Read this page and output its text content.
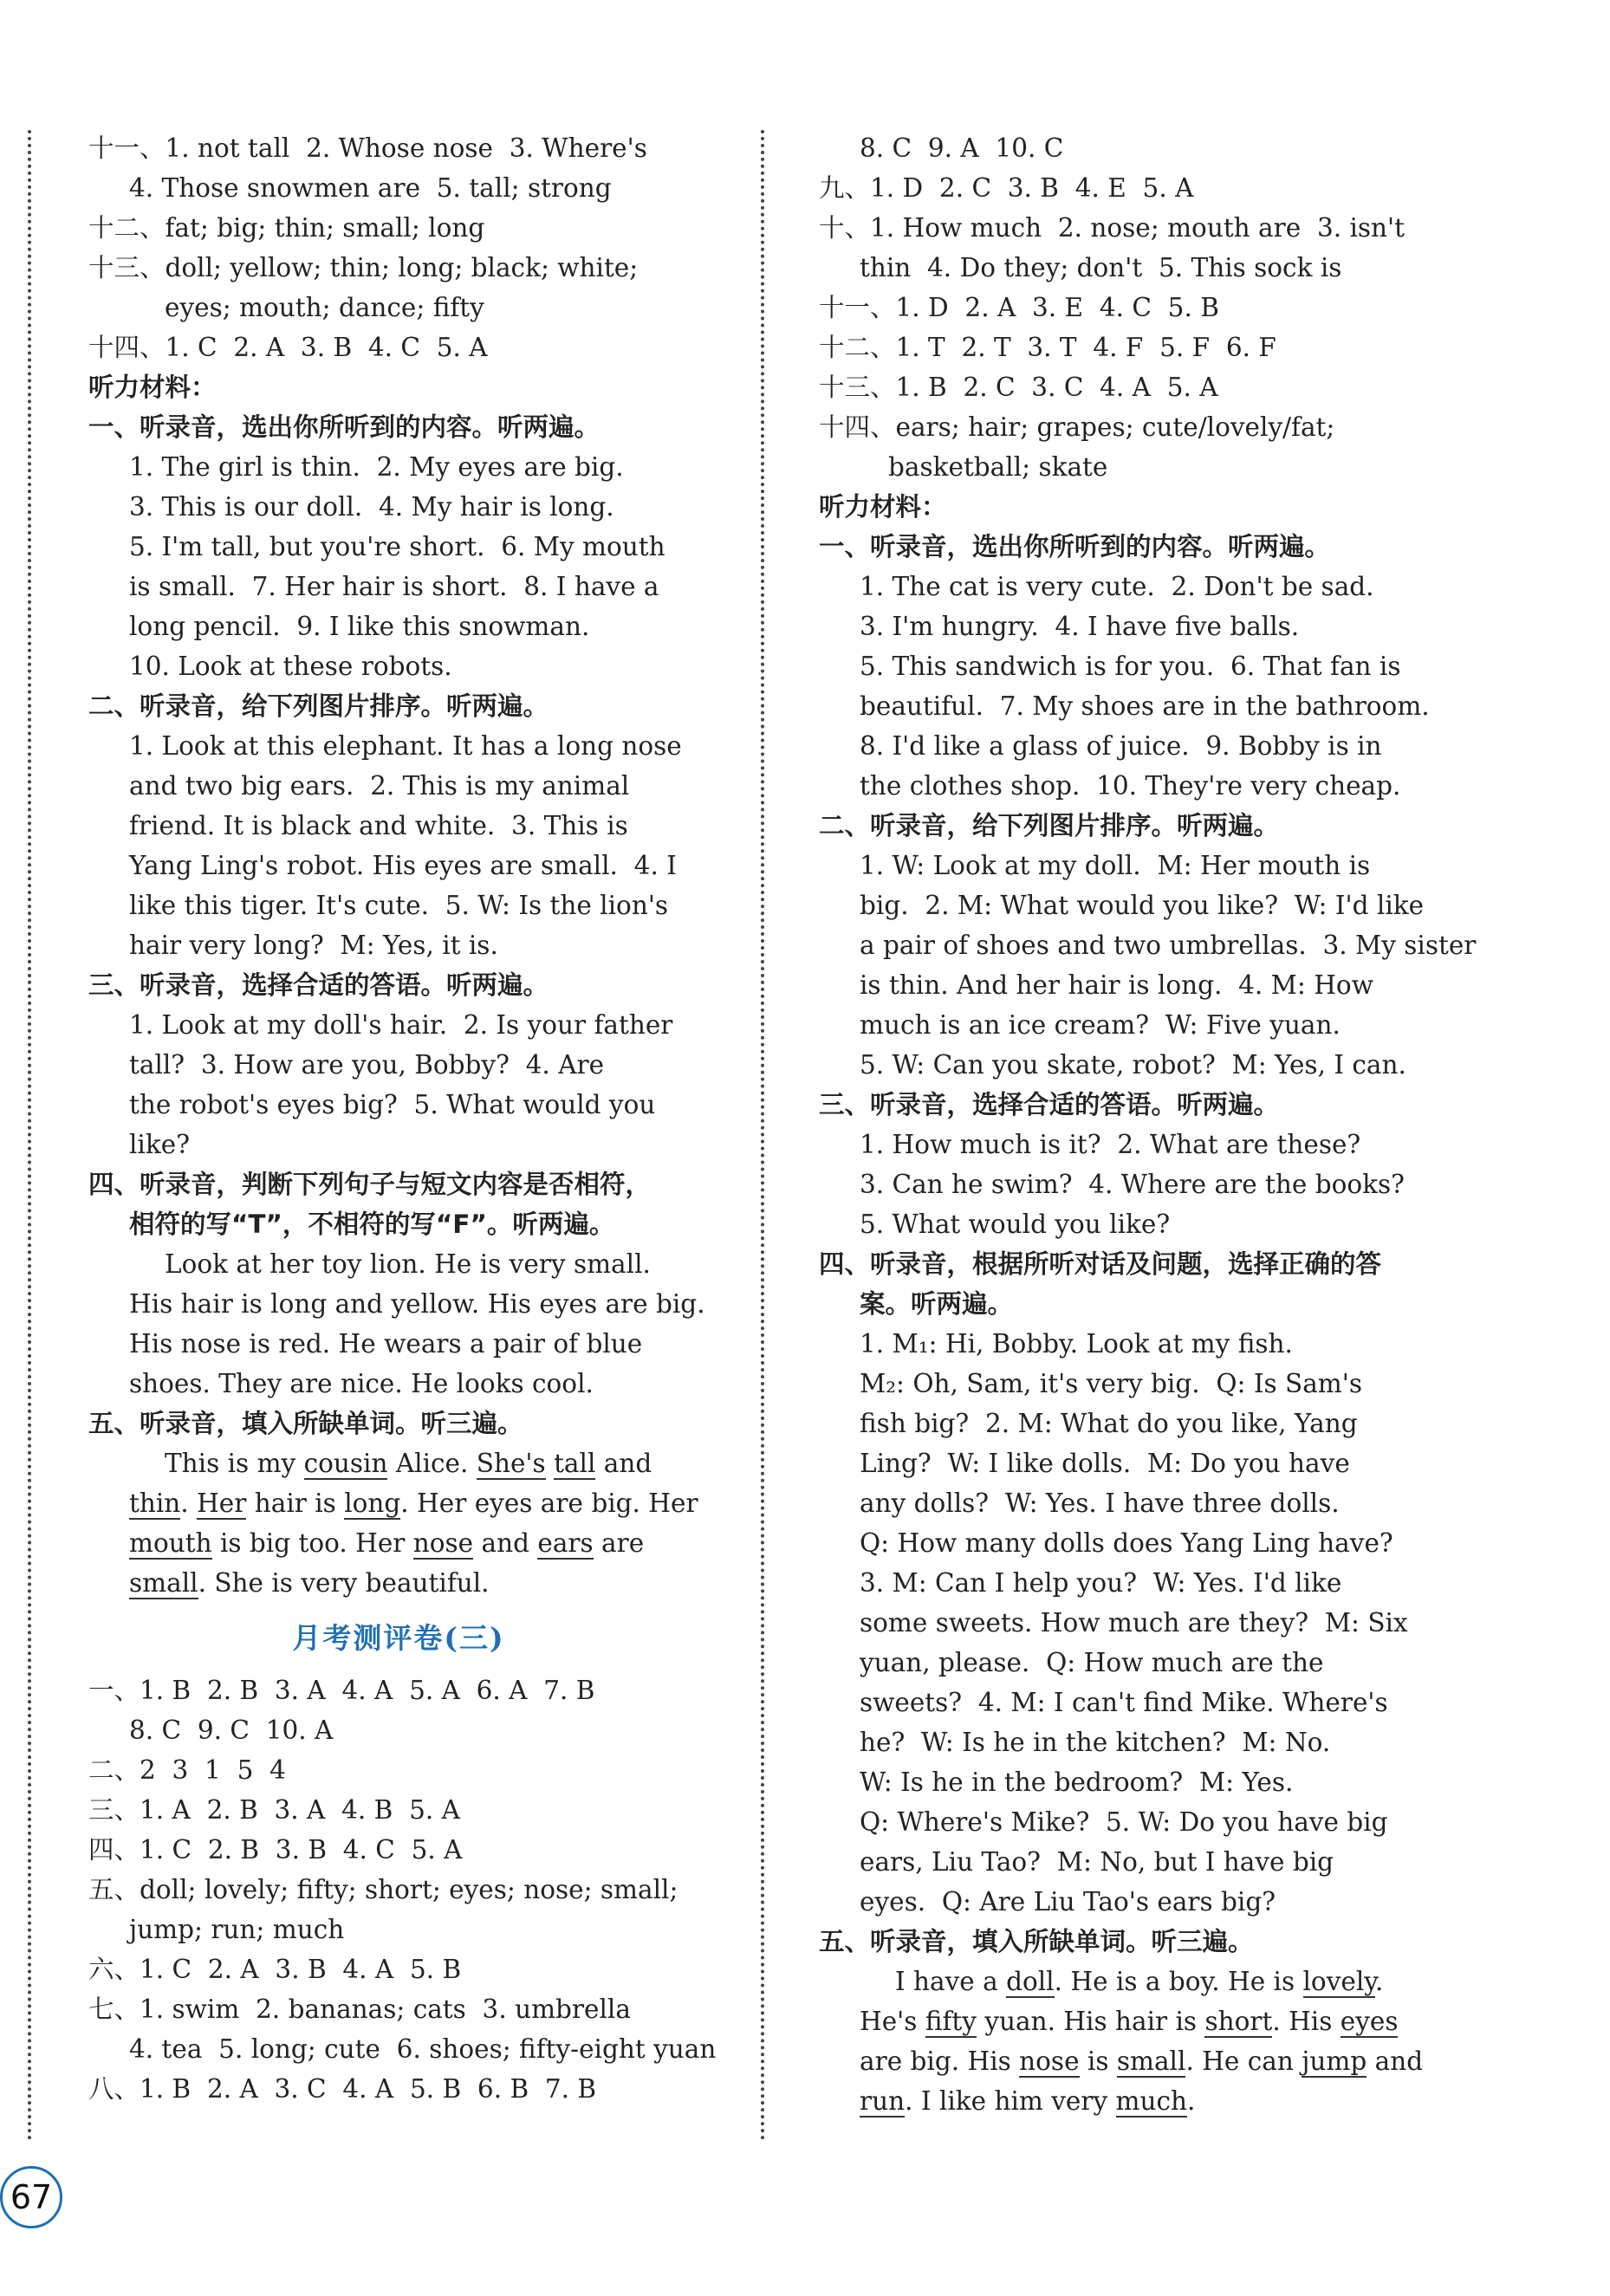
十一、1. not tall  2. Whose nose  3. Where's
4. Those snowmen are  5. tall; strong
十二、fat; big; thin; small; long
十三、doll; yellow; thin; long; black; white;
eyes; mouth; dance; fifty
十四、1. C  2. A  3. B  4. C  5. A
听力材料：
一、听录音，选出你所听到的内容。听两遍。
1. The girl is thin.  2. My eyes are big.
3. This is our doll.  4. My hair is long.
5. I'm tall, but you're short.  6. My mouth
is small.  7. Her hair is short.  8. I have a
long pencil.  9. I like this snowman.
10. Look at these robots.
二、听录音，给下列图片排序。听两遍。
1. Look at this elephant. It has a long nose
and two big ears.  2. This is my animal
friend. It is black and white.  3. This is
Yang Ling's robot. His eyes are small.  4. I
like this tiger. It's cute.  5. W: Is the lion's
hair very long?  M: Yes, it is.
三、听录音，选择合适的答语。听两遍。
1. Look at my doll's hair.  2. Is your father
tall?  3. How are you, Bobby?  4. Are
the robot's eyes big?  5. What would you
like?
四、听录音，判断下列句子与短文内容是否相符，
相符的写“T”，不相符的写“F”。听两遍。
Look at her toy lion. He is very small.
His hair is long and yellow. His eyes are big.
His nose is red. He wears a pair of blue
shoes. They are nice. He looks cool.
五、听录音，填入所缺单词。听三遍。
This is my cousin Alice. She's tall and
thin. Her hair is long. Her eyes are big. Her
mouth is big too. Her nose and ears are
small. She is very beautiful.
月考测评卷(三)
一、1. B  2. B  3. A  4. A  5. A  6. A  7. B
8. C  9. C  10. A
二、2  3  1  5  4
三、1. A  2. B  3. A  4. B  5. A
四、1. C  2. B  3. B  4. C  5. A
五、doll; lovely; fifty; short; eyes; nose; small;
jump; run; much
六、1. C  2. A  3. B  4. A  5. B
七、1. swim  2. bananas; cats  3. umbrella
4. tea  5. long; cute  6. shoes; fifty-eight yuan
八、1. B  2. A  3. C  4. A  5. B  6. B  7. B
8. C  9. A  10. C
九、1. D  2. C  3. B  4. E  5. A
十、1. How much  2. nose; mouth are  3. isn't
thin  4. Do they; don't  5. This sock is
十一、1. D  2. A  3. E  4. C  5. B
十二、1. T  2. T  3. T  4. F  5. F  6. F
十三、1. B  2. C  3. C  4. A  5. A
十四、ears; hair; grapes; cute/lovely/fat;
basketball; skate
听力材料：
一、听录音，选出你所听到的内容。听两遍。
1. The cat is very cute.  2. Don't be sad.
3. I'm hungry.  4. I have five balls.
5. This sandwich is for you.  6. That fan is
beautiful.  7. My shoes are in the bathroom.
8. I'd like a glass of juice.  9. Bobby is in
the clothes shop.  10. They're very cheap.
二、听录音，给下列图片排序。听两遍。
1. W: Look at my doll.  M: Her mouth is
big.  2. M: What would you like?  W: I'd like
a pair of shoes and two umbrellas.  3. My sister
is thin. And her hair is long.  4. M: How
much is an ice cream?  W: Five yuan.
5. W: Can you skate, robot?  M: Yes, I can.
三、听录音，选择合适的答语。听两遍。
1. How much is it?  2. What are these?
3. Can he swim?  4. Where are the books?
5. What would you like?
四、听录音，根据所听对话及问题，选择正确的答
案。听两遍。
1. M₁: Hi, Bobby. Look at my fish.
M₂: Oh, Sam, it's very big.  Q: Is Sam's
fish big?  2. M: What do you like, Yang
Ling?  W: I like dolls.  M: Do you have
any dolls?  W: Yes. I have three dolls.
Q: How many dolls does Yang Ling have?
3. M: Can I help you?  W: Yes. I'd like
some sweets. How much are they?  M: Six
yuan, please.  Q: How much are the
sweets?  4. M: I can't find Mike. Where's
he?  W: Is he in the kitchen?  M: No.
W: Is he in the bedroom?  M: Yes.
Q: Where's Mike?  5. W: Do you have big
ears, Liu Tao?  M: No, but I have big
eyes.  Q: Are Liu Tao's ears big?
五、听录音，填入所缺单词。听三遍。
I have a doll. He is a boy. He is lovely.
He's fifty yuan. His hair is short. His eyes
are big. His nose is small. He can jump and
run. I like him very much.
67
